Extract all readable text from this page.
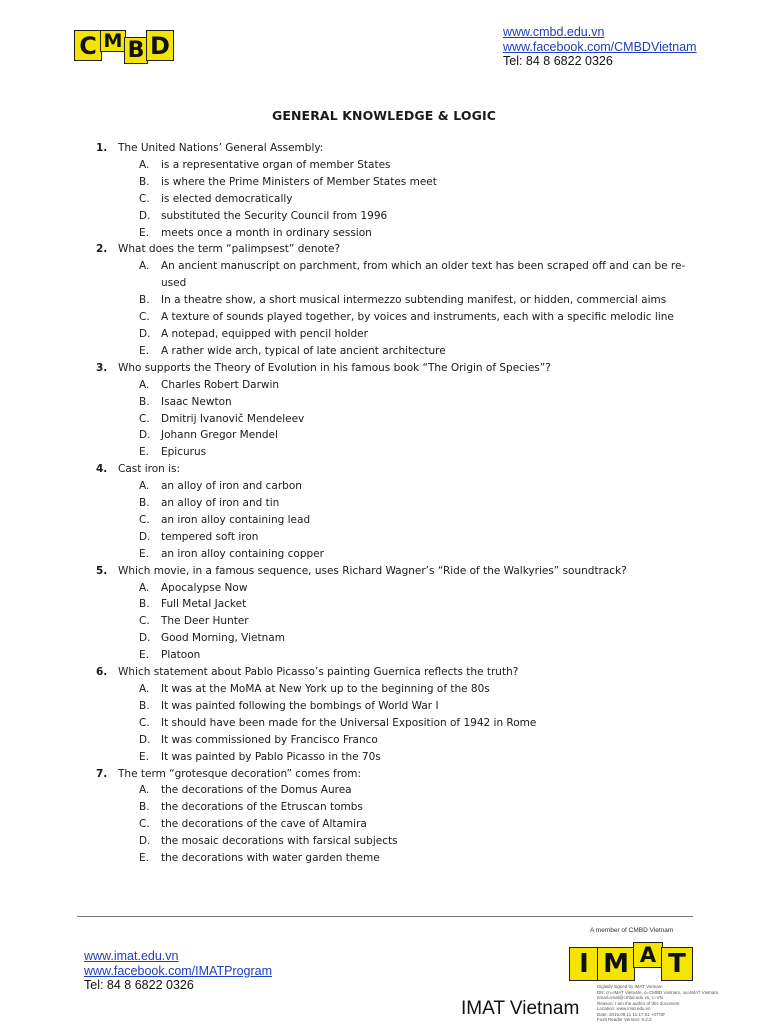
C M B D	www.cmbd.edu.vn
www.facebook.com/CMBDVietnam
Tel: 84 8 6822 0326
GENERAL KNOWLEDGE & LOGIC
1.	The United Nations’ General Assembly:
A.	is a representative organ of member States
B.	is where the Prime Ministers of Member States meet
C.	is elected democratically
D.	substituted the Security Council from 1996
E.	meets once a month in ordinary session
2.	What does the term “palimpsest” denote?
A.	An ancient manuscript on parchment, from which an older text has been scraped off and can be re-used
B.	In a theatre show, a short musical intermezzo subtending manifest, or hidden, commercial aims
C.	A texture of sounds played together, by voices and instruments, each with a specific melodic line
D.	A notepad, equipped with pencil holder
E.	A rather wide arch, typical of late ancient architecture
3.	Who supports the Theory of Evolution in his famous book “The Origin of Species”?
A.	Charles Robert Darwin
B.	Isaac Newton
C.	Dmitrij Ivanovič Mendeleev
D.	Johann Gregor Mendel
E.	Epicurus
4.	Cast iron is:
A.	an alloy of iron and carbon
B.	an alloy of iron and tin
C.	an iron alloy containing lead
D.	tempered soft iron
E.	an iron alloy containing copper
5.	Which movie, in a famous sequence, uses Richard Wagner’s “Ride of the Walkyries” soundtrack?
A.	Apocalypse Now
B.	Full Metal Jacket
C.	The Deer Hunter
D.	Good Morning, Vietnam
E.	Platoon
6.	Which statement about Pablo Picasso’s painting Guernica reflects the truth?
A.	It was at the MoMA at New York up to the beginning of the 80s
B.	It was painted following the bombings of World War I
C.	It should have been made for the Universal Exposition of 1942 in Rome
D.	It was commissioned by Francisco Franco
E.	It was painted by Pablo Picasso in the 70s
7.	The term “grotesque decoration” comes from:
A.	the decorations of the Domus Aurea
B.	the decorations of the Etruscan tombs
C.	the decorations of the cave of Altamira
D.	the mosaic decorations with farsical subjects
E.	the decorations with water garden theme
www.imat.edu.vn
www.facebook.com/IMATProgram
Tel: 84 8 6822 0326
A member of CMBD Vietnam
I M A T
Digitally signed by IMAT Vietnam
DN: cn=IMAT Vietnam, o=CMBD Vietnam, ou=IMAT Vietnam,
email=imat@cmbd.edu.vn, c=VN
Reason: I am the author of this document
Location: www.imat.edu.vn
Date: 2015.09.11 11:17:31 +07'00'
Foxit Reader Version: 6.2.3
IMAT Vietnam
